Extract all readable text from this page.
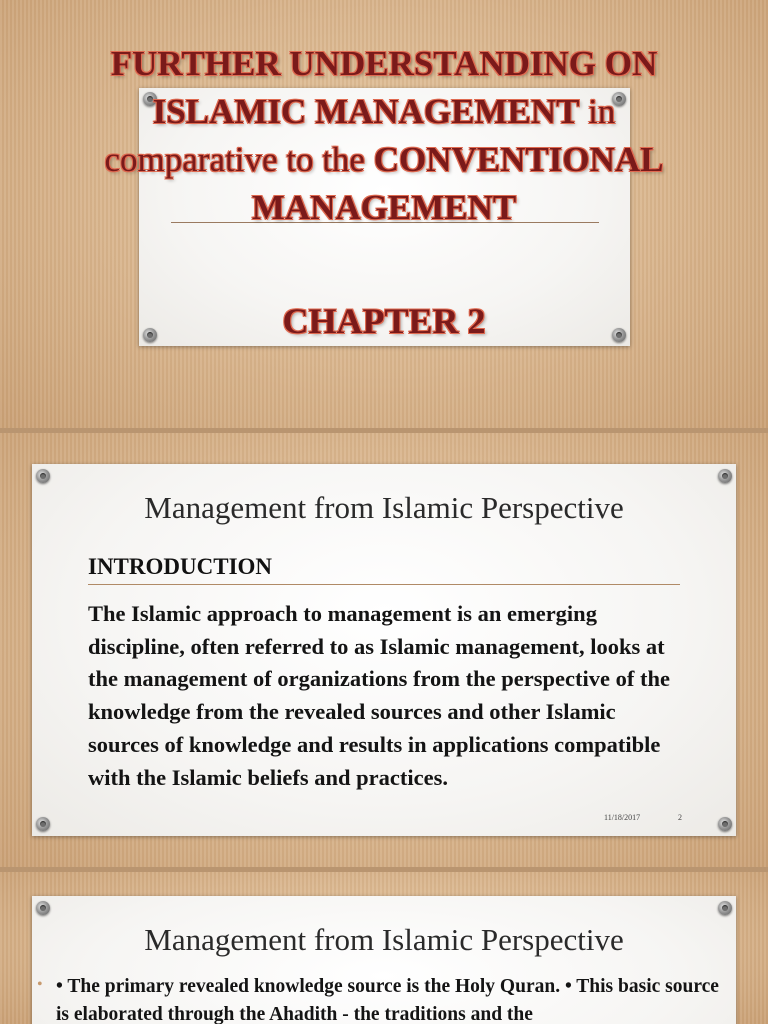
FURTHER UNDERSTANDING ON
ISLAMIC MANAGEMENT in
comparative to the CONVENTIONAL
MANAGEMENT
CHAPTER 2
Management from Islamic Perspective
INTRODUCTION
The Islamic approach to management is an emerging discipline, often referred to as Islamic management, looks at the management of organizations from the perspective of the knowledge from the revealed sources and other Islamic sources of knowledge and results in applications compatible with the Islamic beliefs and practices.
11/18/2017	2
Management from Islamic Perspective
• • The primary revealed knowledge source is the Holy Quran. • This basic source is elaborated through the Ahadith - the traditions and the
